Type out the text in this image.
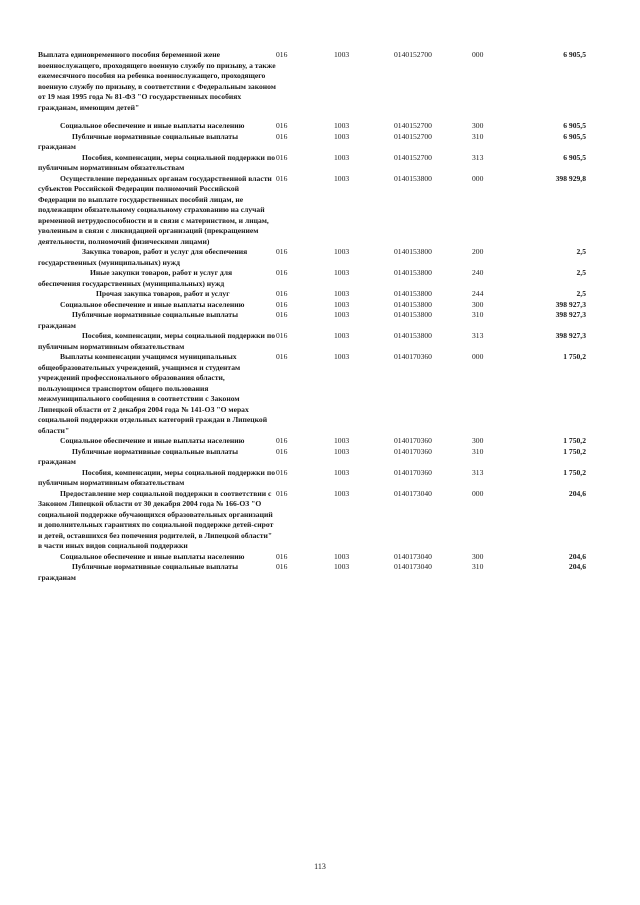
Выплата единовременного пособия беременной жене военнослужащего, проходящего военную службу по призыву, а также ежемесячного пособия на ребенка военнослужащего, проходящего военную службу по призыву, в соответствии с Федеральным законом от 19 мая 1995 года № 81-ФЗ "О государственных пособиях гражданам, имеющим детей"	016	1003	0140152700	000	6 905,5

Социальное обеспечение и иные выплаты населению	016	1003	0140152700	300	6 905,5

Публичные нормативные социальные выплаты гражданам	016	1003	0140152700	310	6 905,5

Пособия, компенсации, меры социальной поддержки по публичным нормативным обязательствам	016	1003	0140152700	313	6 905,5

Осуществление переданных органам государственной власти субъектов Российской Федерации полномочий Российской Федерации по выплате государственных пособий лицам, не подлежащим обязательному социальному страхованию на случай временной нетрудоспособности и в связи с материнством, и лицам, уволенным в связи с ликвидацией организаций (прекращением деятельности, полномочий физическими лицами)	016	1003	0140153800	000	398 929,8

Закупка товаров, работ и услуг для обеспечения государственных (муниципальных) нужд	016	1003	0140153800	200	2,5

Иные закупки товаров, работ и услуг для обеспечения государственных (муниципальных) нужд	016	1003	0140153800	240	2,5

Прочая закупка товаров, работ и услуг	016	1003	0140153800	244	2,5

Социальное обеспечение и иные выплаты населению	016	1003	0140153800	300	398 927,3

Публичные нормативные социальные выплаты гражданам	016	1003	0140153800	310	398 927,3

Пособия, компенсации, меры социальной поддержки по публичным нормативным обязательствам	016	1003	0140153800	313	398 927,3

Выплаты компенсации учащимся муниципальных общеобразовательных учреждений, учащимся и студентам учреждений профессионального образования области, пользующимся транспортом общего пользования межмуниципального сообщения в соответствии с Законом Липецкой области от 2 декабря 2004 года № 141-ОЗ "О мерах социальной поддержки отдельных категорий граждан в Липецкой области"	016	1003	0140170360	000	1 750,2

Социальное обеспечение и иные выплаты населению	016	1003	0140170360	300	1 750,2

Публичные нормативные социальные выплаты гражданам	016	1003	0140170360	310	1 750,2

Пособия, компенсации, меры социальной поддержки по публичным нормативным обязательствам	016	1003	0140170360	313	1 750,2

Предоставление мер социальной поддержки в соответствии с Законом Липецкой области от 30 декабря 2004 года № 166-ОЗ "О социальной поддержке обучающихся образовательных организаций и дополнительных гарантиях по социальной поддержке детей-сирот и детей, оставшихся без попечения родителей, в Липецкой области" в части иных видов социальной поддержки	016	1003	0140173040	000	204,6

Социальное обеспечение и иные выплаты населению	016	1003	0140173040	300	204,6

Публичные нормативные социальные выплаты гражданам	016	1003	0140173040	310	204,6
113
